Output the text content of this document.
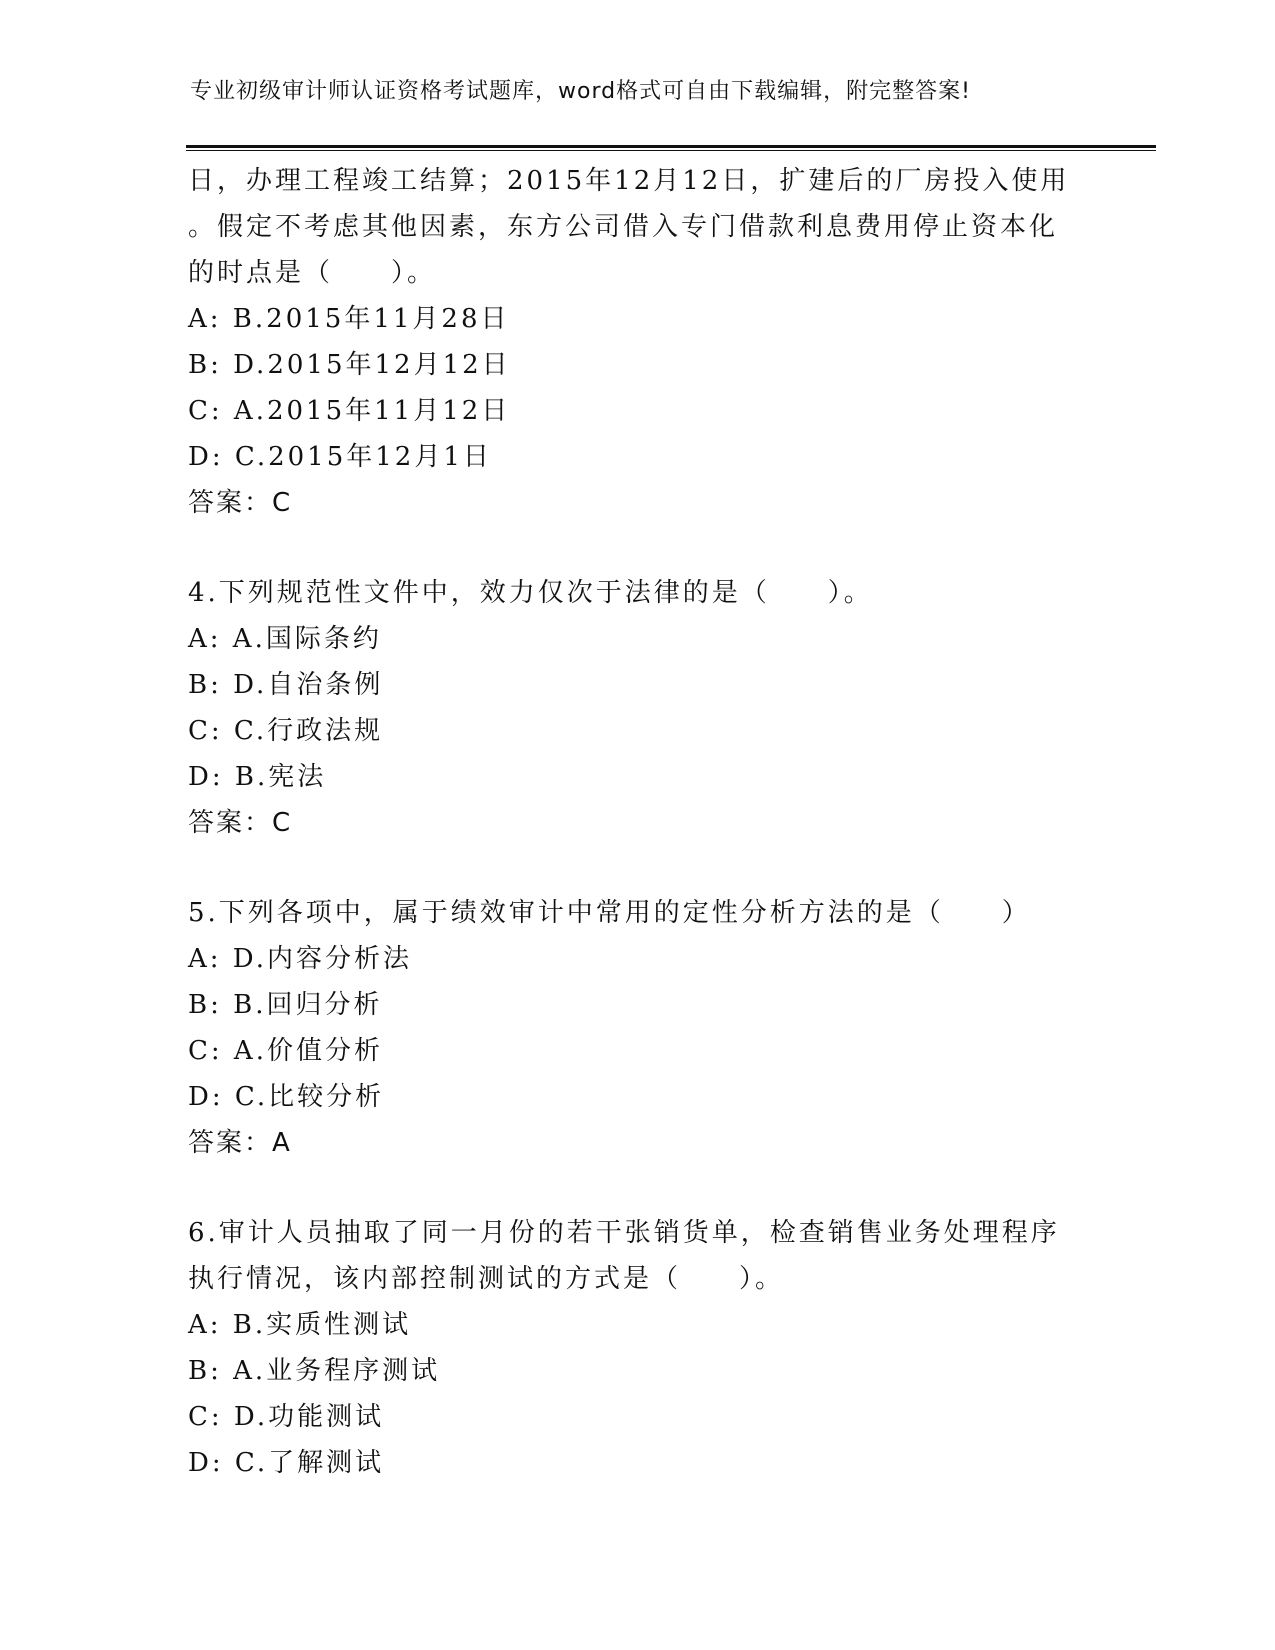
专业初级审计师认证资格考试题库，word格式可自由下载编辑，附完整答案!
日，办理工程竣工结算；2015年12月12日，扩建后的厂房投入使用
。假定不考虑其他因素，东方公司借入专门借款利息费用停止资本化
的时点是（　　）。
A: B.2015年11月28日
B: D.2015年12月12日
C: A.2015年11月12日
D: C.2015年12月1日
答案：C
4.下列规范性文件中，效力仅次于法律的是（　　）。
A: A.国际条约
B: D.自治条例
C: C.行政法规
D: B.宪法
答案：C
5.下列各项中，属于绩效审计中常用的定性分析方法的是（　　）
A: D.内容分析法
B: B.回归分析
C: A.价值分析
D: C.比较分析
答案：A
6.审计人员抽取了同一月份的若干张销货单，检查销售业务处理程序
执行情况，该内部控制测试的方式是（　　）。
A: B.实质性测试
B: A.业务程序测试
C: D.功能测试
D: C.了解测试
